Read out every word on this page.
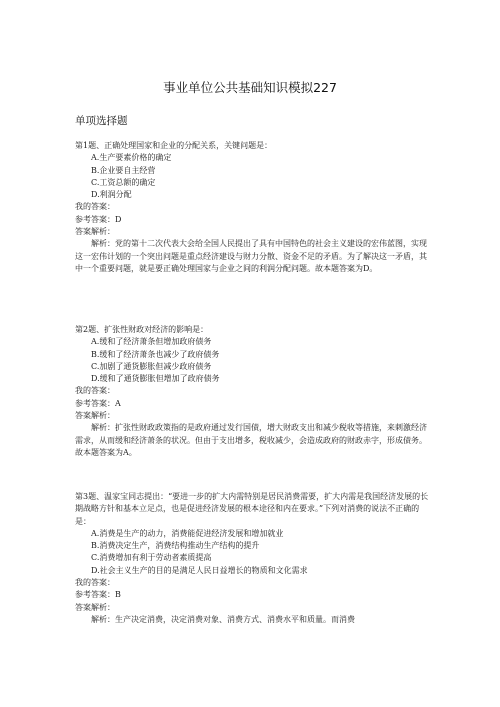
事业单位公共基础知识模拟227
单项选择题

第1题、正确处理国家和企业的分配关系，关键问题是：

A.生产要素价格的确定

B.企业要自主经营

C.工资总额的确定

D.利润分配

我的答案：

参考答案：D

答案解析：

解析：党的第十二次代表大会给全国人民提出了具有中国特色的社会主义建设的宏伟蓝图，实现这一宏伟计划的一个突出问题是重点经济建设与财力分散、资金不足的矛盾。为了解决这一矛盾，其中一个重要问题，就是要正确处理国家与企业之间的利润分配问题。故本题答案为D。

第2题、扩张性财政对经济的影响是：

A.缓和了经济萧条但增加政府债务

B.缓和了经济萧条也减少了政府债务

C.加剧了通货膨胀但减少政府债务

D.缓和了通货膨胀但增加了政府债务

我的答案：

参考答案：A

答案解析：

解析：扩张性财政政策指的是政府通过发行国债，增大财政支出和减少税收等措施，来刺激经济需求，从而缓和经济萧条的状况。但由于支出增多，税收减少，会造成政府的财政赤字，形成债务。故本题答案为A。

第3题、温家宝同志提出：“要进一步的扩大内需特别是居民消费需要，扩大内需是我国经济发展的长期战略方针和基本立足点，也是促进经济发展的根本途径和内在要求。”下列对消费的说法不正确的是：

A.消费是生产的动力，消费能促进经济发展和增加就业

B.消费决定生产，消费结构推动生产结构的提升

C.消费增加有利于劳动者素质提高

D.社会主义生产的目的是满足人民日益增长的物质和文化需求

我的答案：

参考答案：B

答案解析：

解析：生产决定消费，决定消费对象、消费方式、消费水平和质量。而消费
